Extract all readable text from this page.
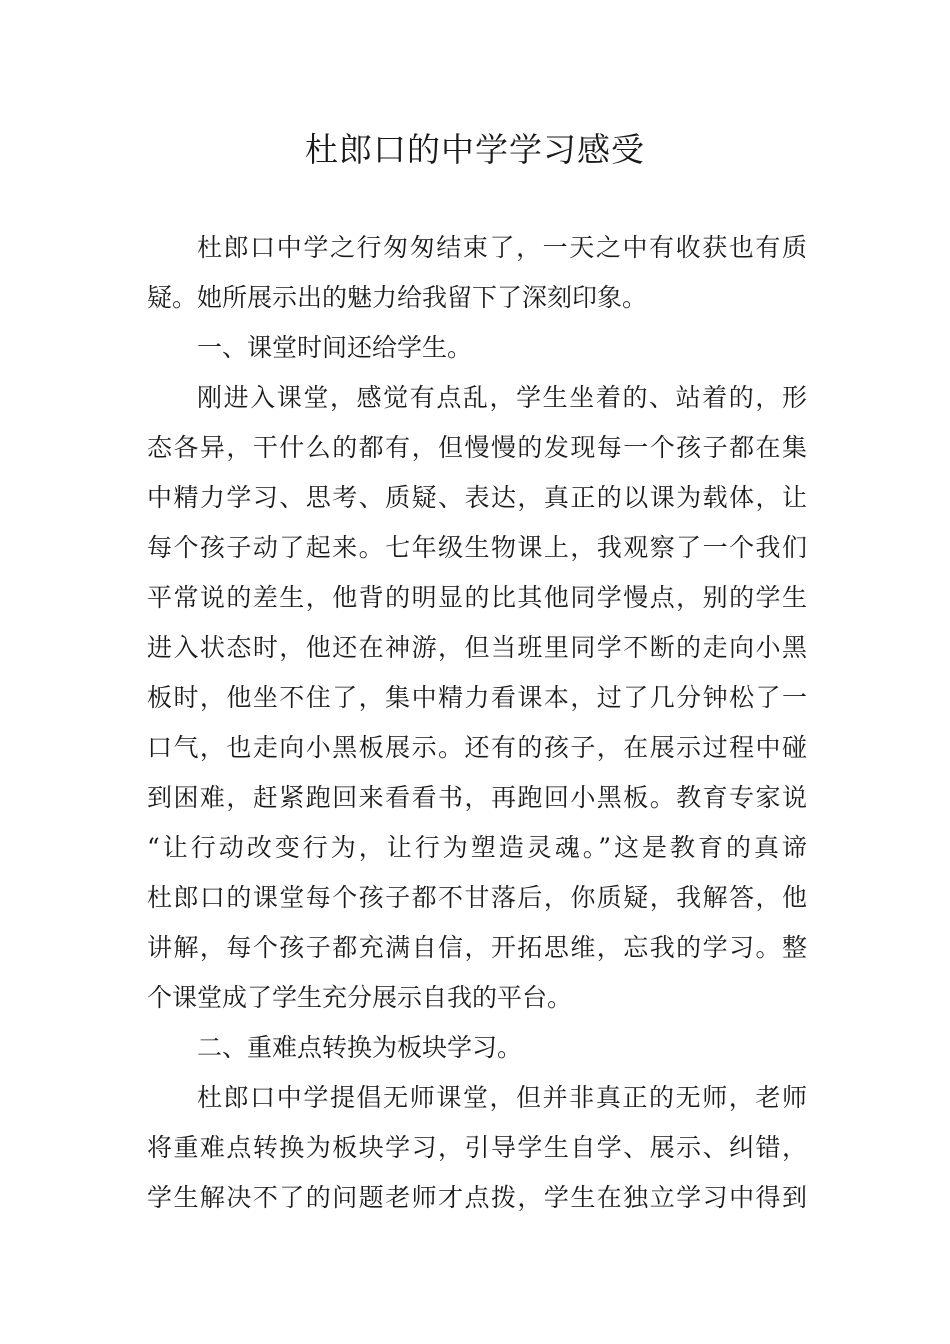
杜郎口的中学学习感受
杜郎口中学之行匆匆结束了，一天之中有收获也有质
疑。她所展示出的魅力给我留下了深刻印象。
一、课堂时间还给学生。
刚进入课堂，感觉有点乱，学生坐着的、站着的，形
态各异，干什么的都有，但慢慢的发现每一个孩子都在集
中精力学习、思考、质疑、表达，真正的以课为载体，让
每个孩子动了起来。七年级生物课上，我观察了一个我们
平常说的差生，他背的明显的比其他同学慢点，别的学生
进入状态时，他还在神游，但当班里同学不断的走向小黑
板时，他坐不住了，集中精力看课本，过了几分钟松了一
口气，也走向小黑板展示。还有的孩子，在展示过程中碰
到困难，赶紧跑回来看看书，再跑回小黑板。教育专家说
“让行动改变行为，让行为塑造灵魂。”这是教育的真谛
杜郎口的课堂每个孩子都不甘落后，你质疑，我解答，他
讲解，每个孩子都充满自信，开拓思维，忘我的学习。整
个课堂成了学生充分展示自我的平台。
二、重难点转换为板块学习。
杜郎口中学提倡无师课堂，但并非真正的无师，老师
将重难点转换为板块学习，引导学生自学、展示、纠错，
学生解决不了的问题老师才点拨，学生在独立学习中得到
